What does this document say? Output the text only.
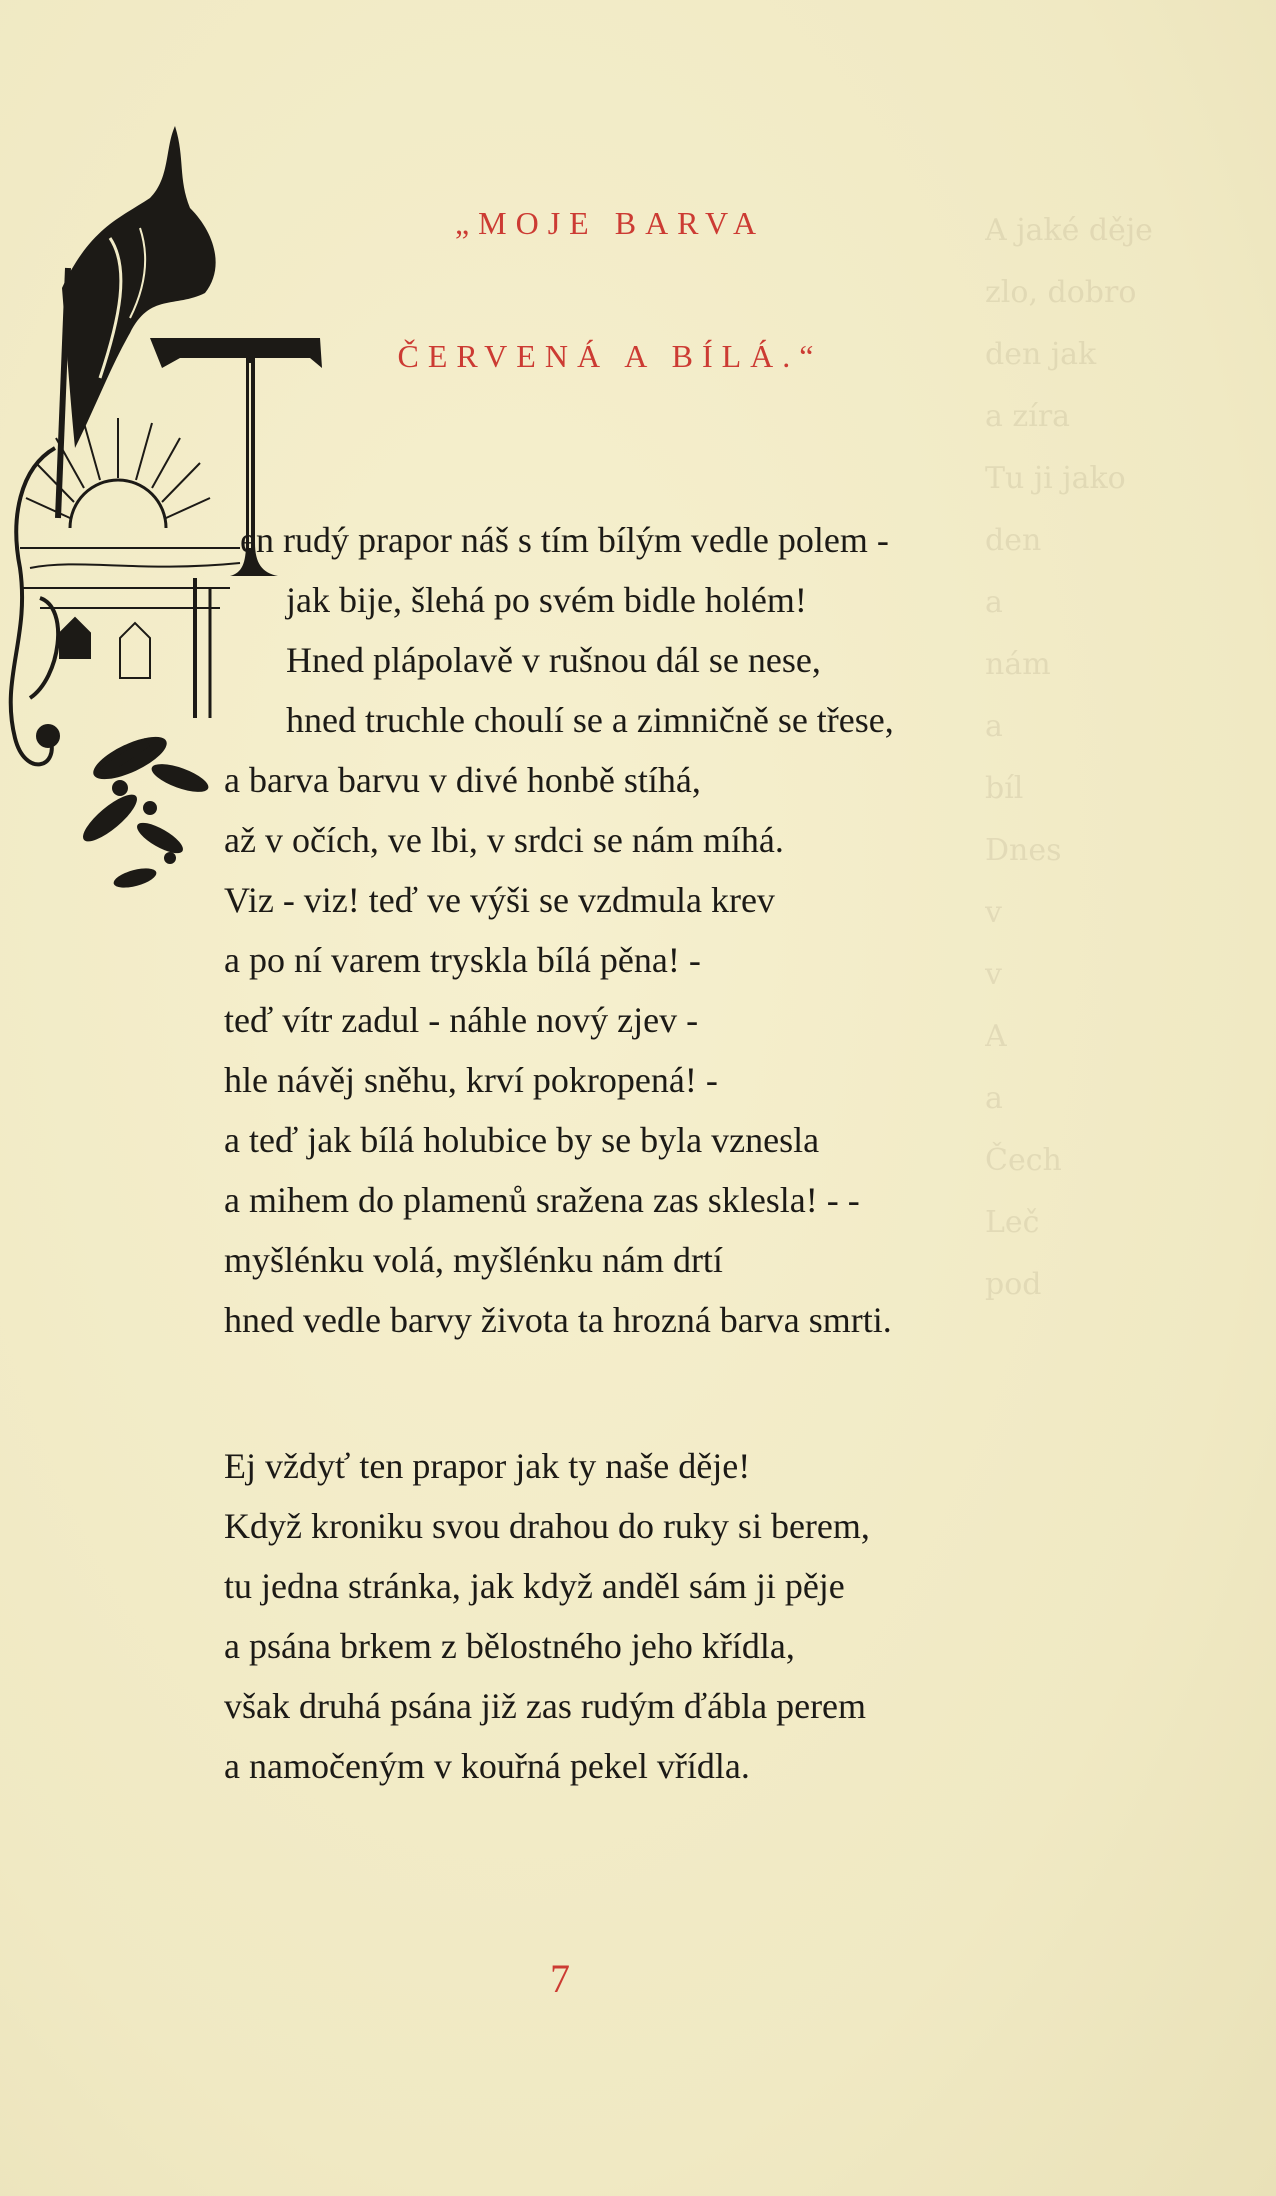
A jaké děje
zlo, dobro
den jak
a zíra
Tu ji jako
den
a
nám
a
bíl
Dnes
v
v
A
a
Čech
Leč
pod
„MOJE BARVA
ČERVENÁ A BÍLÁ.“
en rudý prapor náš s tím bílým vedle polem -
jak bije, šlehá po svém bidle holém!
Hned plápolavě v rušnou dál se nese,
hned truchle choulí se a zimničně se třese,
a barva barvu v divé honbě stíhá,
až v očích, ve lbi, v srdci se nám míhá.
Viz - viz! teď ve výši se vzdmula krev
a po ní varem tryskla bílá pěna! -
teď vítr zadul - náhle nový zjev -
hle návěj sněhu, krví pokropená! -
a teď jak bílá holubice by se byla vznesla
a mihem do plamenů sražena zas sklesla! - -
myšlénku volá, myšlénku nám drtí
hned vedle barvy života ta hrozná barva smrti.
Ej vždyť ten prapor jak ty naše děje!
Když kroniku svou drahou do ruky si berem,
tu jedna stránka, jak když anděl sám ji pěje
a psána brkem z bělostného jeho křídla,
však druhá psána již zas rudým ďábla perem
a namočeným v kouřná pekel vřídla.
7
